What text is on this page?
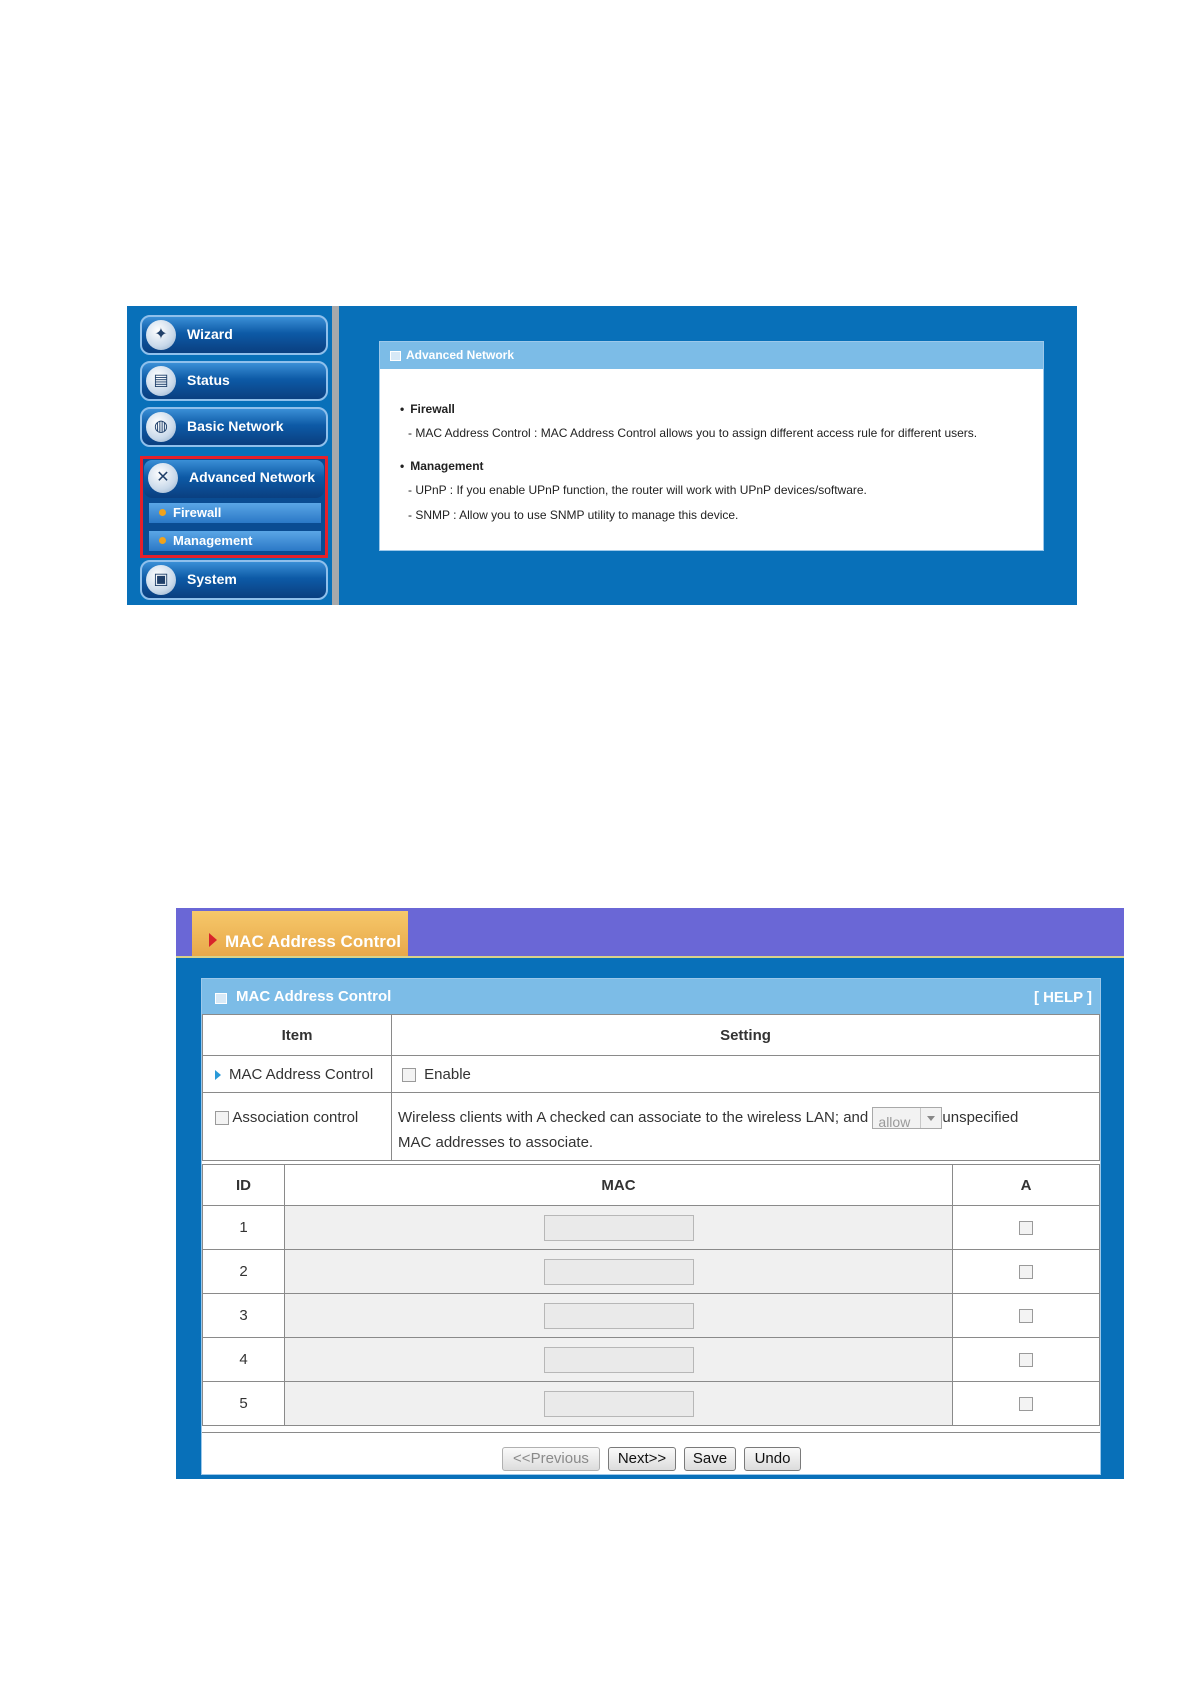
✦	Wizard
▤	Status
◍	Basic Network
✕	Advanced Network
Firewall
Management
▣	System
Advanced Network
• Firewall
- MAC Address Control : MAC Address Control allows you to assign different access rule for different users.
• Management
- UPnP : If you enable UPnP function, the router will work with UPnP devices/software.
- SNMP : Allow you to use SNMP utility to manage this device.
MAC Address Control
MAC Address Control	[ HELP ]
Item	Setting
MAC Address Control	Enable
Association control	Wireless clients with A checked can associate to the wireless LAN; and allow unspecified
MAC addresses to associate.
ID	MAC	A
1		
2		
3		
4		
5		
<<Previous	Next>>	Save	Undo
